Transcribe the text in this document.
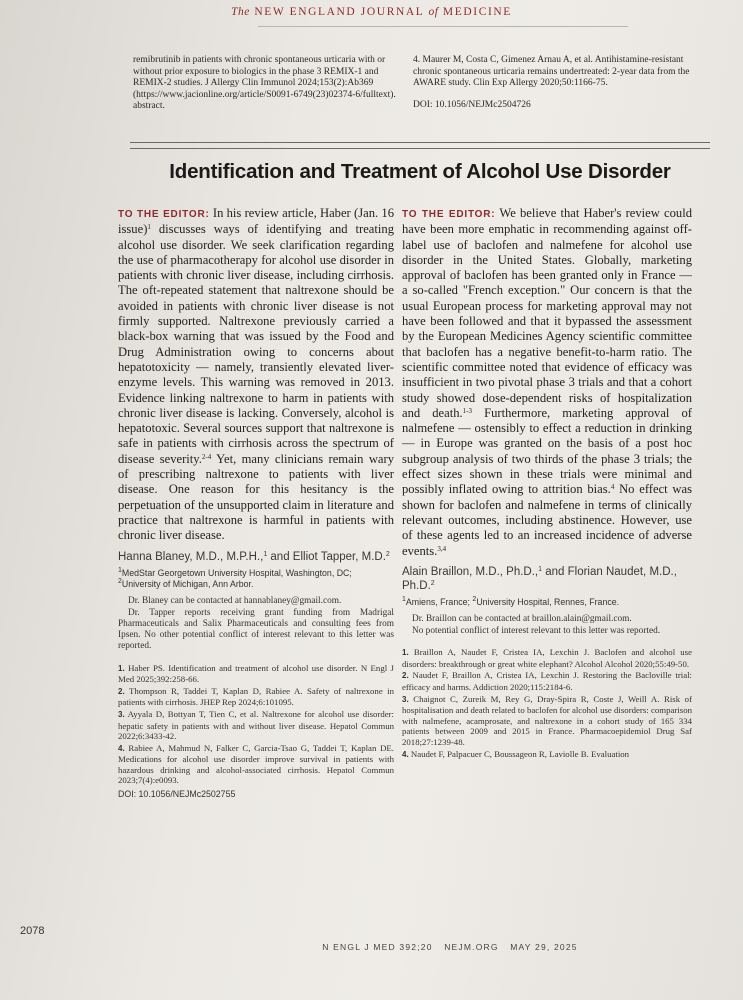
The NEW ENGLAND JOURNAL of MEDICINE
remibrutinib in patients with chronic spontaneous urticaria with or without prior exposure to biologics in the phase 3 REMIX-1 and REMIX-2 studies. J Allergy Clin Immunol 2024;153(2):Ab369 (https://www.jacionline.org/article/S0091-6749(23)02374-6/fulltext). abstract.
4. Maurer M, Costa C, Gimenez Arnau A, et al. Antihistamine-resistant chronic spontaneous urticaria remains undertreated: 2-year data from the AWARE study. Clin Exp Allergy 2020;50:1166-75.
DOI: 10.1056/NEJMc2504726
Identification and Treatment of Alcohol Use Disorder

TO THE EDITOR: In his review article, Haber (Jan. 16 issue)$^1$ discusses ways of identifying and treating alcohol use disorder. We seek clarification regarding the use of pharmacotherapy for alcohol use disorder in patients with chronic liver disease, including cirrhosis. The oft-repeated statement that naltrexone should be avoided in patients with chronic liver disease is not firmly supported. Naltrexone previously carried a black-box warning that was issued by the Food and Drug Administration owing to concerns about hepatotoxicity — namely, transiently elevated liver-enzyme levels. This warning was removed in 2013. Evidence linking naltrexone to harm in patients with chronic liver disease is lacking. Conversely, alcohol is hepatotoxic. Several sources support that naltrexone is safe in patients with cirrhosis across the spectrum of disease severity.$^{2-4}$ Yet, many clinicians remain wary of prescribing naltrexone to patients with liver disease. One reason for this hesitancy is the perpetuation of the unsupported claim in literature and practice that naltrexone is harmful in patients with chronic liver disease.

Hanna Blaney, M.D., M.P.H.,$^1$ and Elliot Tapper, M.D.$^2$
$^1$MedStar Georgetown University Hospital, Washington, DC;
$^2$University of Michigan, Ann Arbor.
Dr. Blaney can be contacted at hannablaney@gmail.com.
Dr. Tapper reports receiving grant funding from Madrigal Pharmaceuticals and Salix Pharmaceuticals and consulting fees from Ipsen. No other potential conflict of interest relevant to this letter was reported.
1. Haber PS. Identification and treatment of alcohol use disorder. N Engl J Med 2025;392:258-66.
2. Thompson R, Taddei T, Kaplan D, Rabiee A. Safety of naltrexone in patients with cirrhosis. JHEP Rep 2024;6:101095.
3. Ayyala D, Bottyan T, Tien C, et al. Naltrexone for alcohol use disorder: hepatic safety in patients with and without liver disease. Hepatol Commun 2022;6:3433-42.
4. Rabiee A, Mahmud N, Falker C, Garcia-Tsao G, Taddei T, Kaplan DE. Medications for alcohol use disorder improve survival in patients with hazardous drinking and alcohol-associated cirrhosis. Hepatol Commun 2023;7(4):e0093.
DOI: 10.1056/NEJMc2502755

TO THE EDITOR: We believe that Haber's review could have been more emphatic in recommending against off-label use of baclofen and nalmefene for alcohol use disorder in the United States. Globally, marketing approval of baclofen has been granted only in France — a so-called "French exception." Our concern is that the usual European process for marketing approval may not have been followed and that it bypassed the assessment by the European Medicines Agency scientific committee that baclofen has a negative benefit-to-harm ratio. The scientific committee noted that evidence of efficacy was insufficient in two pivotal phase 3 trials and that a cohort study showed dose-dependent risks of hospitalization and death.$^{1-3}$ Furthermore, marketing approval of nalmefene — ostensibly to effect a reduction in drinking — in Europe was granted on the basis of a post hoc subgroup analysis of two thirds of the phase 3 trials; the effect sizes shown in these trials were minimal and possibly inflated owing to attrition bias.$^4$ No effect was shown for baclofen and nalmefene in terms of clinically relevant outcomes, including abstinence. However, use of these agents led to an increased incidence of adverse events.$^{3,4}$

Alain Braillon, M.D., Ph.D.,$^1$ and Florian Naudet, M.D., Ph.D.$^2$
$^1$Amiens, France; $^2$University Hospital, Rennes, France.
Dr. Braillon can be contacted at braillon.alain@gmail.com.
No potential conflict of interest relevant to this letter was reported.
1. Braillon A, Naudet F, Cristea IA, Lexchin J. Baclofen and alcohol use disorders: breakthrough or great white elephant? Alcohol Alcohol 2020;55:49-50.
2. Naudet F, Braillon A, Cristea IA, Lexchin J. Restoring the Bacloville trial: efficacy and harms. Addiction 2020;115:2184-6.
3. Chaignot C, Zureik M, Rey G, Dray-Spira R, Coste J, Weill A. Risk of hospitalisation and death related to baclofen for alcohol use disorders: comparison with nalmefene, acamprosate, and naltrexone in a cohort study of 165 334 patients between 2009 and 2015 in France. Pharmacoepidemiol Drug Saf 2018;27:1239-48.
4. Naudet F, Palpacuer C, Boussageon R, Laviolle B. Evaluation
2078
N ENGL J MED 392;20 NEJM.ORG MAY 29, 2025
